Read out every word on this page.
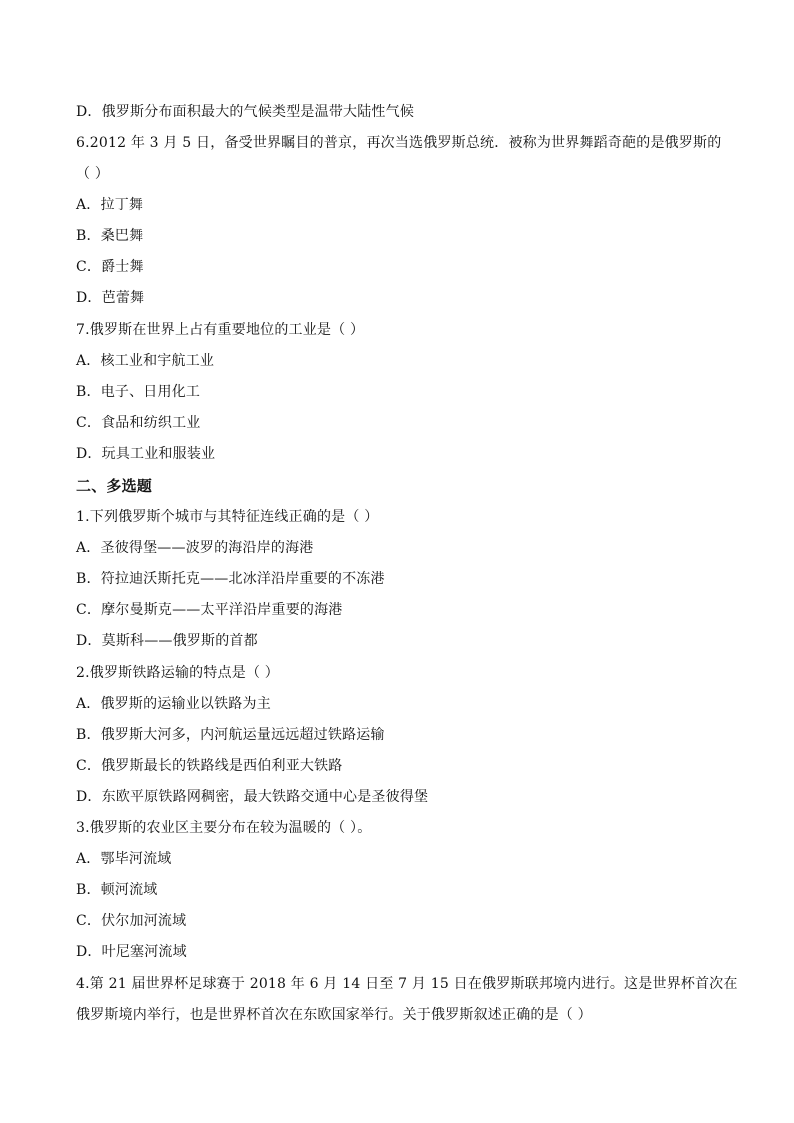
D．俄罗斯分布面积最大的气候类型是温带大陆性气候
6.2012 年 3 月 5 日，备受世界瞩目的普京，再次当选俄罗斯总统．被称为世界舞蹈奇葩的是俄罗斯的
（ ）
A．拉丁舞
B．桑巴舞
C．爵士舞
D．芭蕾舞
7.俄罗斯在世界上占有重要地位的工业是（ ）
A．核工业和宇航工业
B．电子、日用化工
C．食品和纺织工业
D．玩具工业和服装业
二、多选题
1.下列俄罗斯个城市与其特征连线正确的是（ ）
A．圣彼得堡——波罗的海沿岸的海港
B．符拉迪沃斯托克——北冰洋沿岸重要的不冻港
C．摩尔曼斯克——太平洋沿岸重要的海港
D．莫斯科——俄罗斯的首都
2.俄罗斯铁路运输的特点是（ ）
A．俄罗斯的运输业以铁路为主
B．俄罗斯大河多，内河航运量远远超过铁路运输
C．俄罗斯最长的铁路线是西伯利亚大铁路
D．东欧平原铁路网稠密，最大铁路交通中心是圣彼得堡
3.俄罗斯的农业区主要分布在较为温暖的（ ）。
A．鄂毕河流域
B．顿河流域
C．伏尔加河流域
D．叶尼塞河流域
4.第 21 届世界杯足球赛于 2018 年 6 月 14 日至 7 月 15 日在俄罗斯联邦境内进行。这是世界杯首次在
俄罗斯境内举行，也是世界杯首次在东欧国家举行。关于俄罗斯叙述正确的是（ ）
